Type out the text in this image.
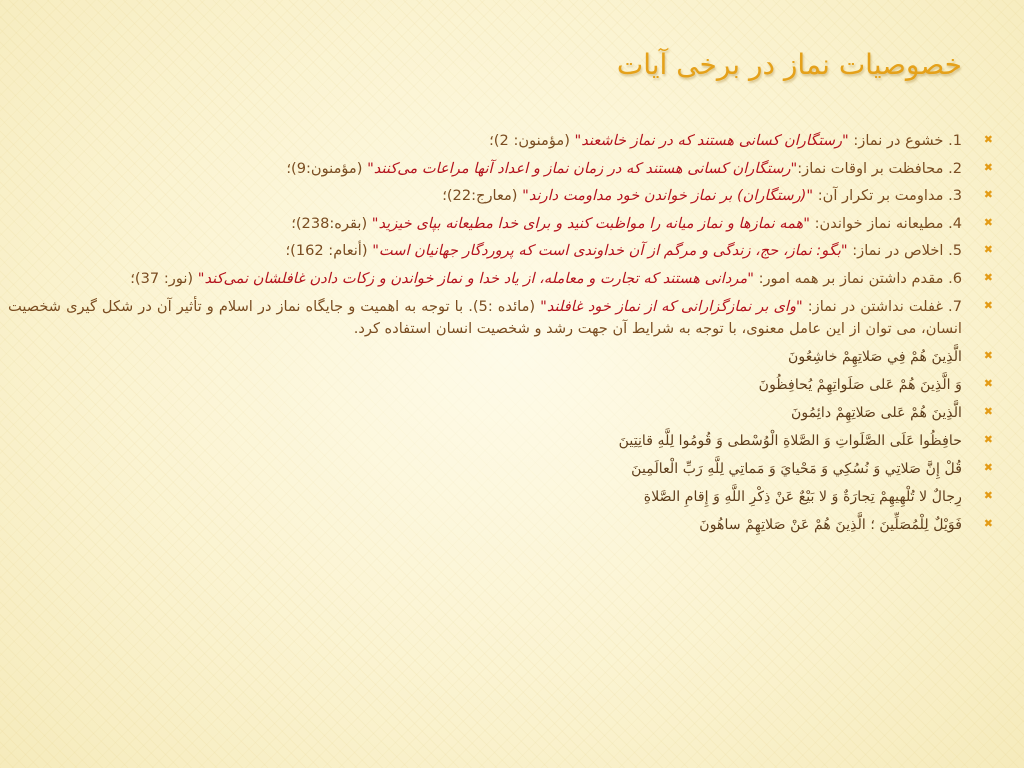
خصوصیات نماز در برخی آیات
✖
1. خشوع در نماز: "رستگاران کسانی هستند که در نماز خاشعند" (مؤمنون: 2)؛
✖
2. محافظت بر اوقات نماز:"رستگاران کسانی هستند که در زمان نماز و اعداد آنها مراعات می‌کنند" (مؤمنون:9)؛
✖
3. مداومت بر تکرار آن: "(رستگاران) بر نماز خواندن خود مداومت دارند" (معارج:22)؛
✖
4. مطیعانه نماز خواندن: "همه نمازها و نماز میانه را مواظبت کنید و برای خدا مطیعانه بپای خیزید" (بقره:238)؛
✖
5. اخلاص در نماز: "بگو: نماز، حج، زندگی و مرگم از آن خداوندی است که پروردگار جهانیان است" (أنعام: 162)؛
✖
6. مقدم داشتن نماز بر همه امور: "مردانی هستند که تجارت و معامله، از یاد خدا و نماز خواندن و زکات دادن غافلشان نمی‌کند" (نور: 37)؛
✖
7. غفلت نداشتن در نماز: "وای بر نمازگزارانی که از نماز خود غافلند" (مائده :5). با توجه به اهمیت و جایگاه نماز در اسلام و تأثیر آن در شکل گیری شخصیت انسان، می توان از این عامل معنوی، با توجه به شرایط آن جهت رشد و شخصیت انسان استفاده کرد.
✖
الَّذِينَ هُمْ فِي صَلاتِهِمْ خاشِعُونَ
✖
وَ الَّذِينَ هُمْ عَلى صَلَواتِهِمْ يُحافِظُونَ
✖
الَّذِينَ هُمْ عَلى صَلاتِهِمْ دائِمُونَ
✖
حافِظُوا عَلَى الصَّلَواتِ وَ الصَّلاةِ الْوُسْطى وَ قُومُوا لِلَّهِ قانِتِينَ
✖
قُلْ إِنَّ صَلاتِي وَ نُسُكِي وَ مَحْيايَ وَ مَماتِي لِلَّهِ رَبِّ الْعالَمِينَ
✖
رِجالٌ لا تُلْهِيهِمْ تِجارَةٌ وَ لا بَيْعٌ عَنْ ذِكْرِ اللَّهِ وَ إِقامِ الصَّلاةِ
✖
فَوَيْلٌ لِلْمُصَلِّينَ ؛ الَّذِينَ هُمْ عَنْ صَلاتِهِمْ ساهُونَ
